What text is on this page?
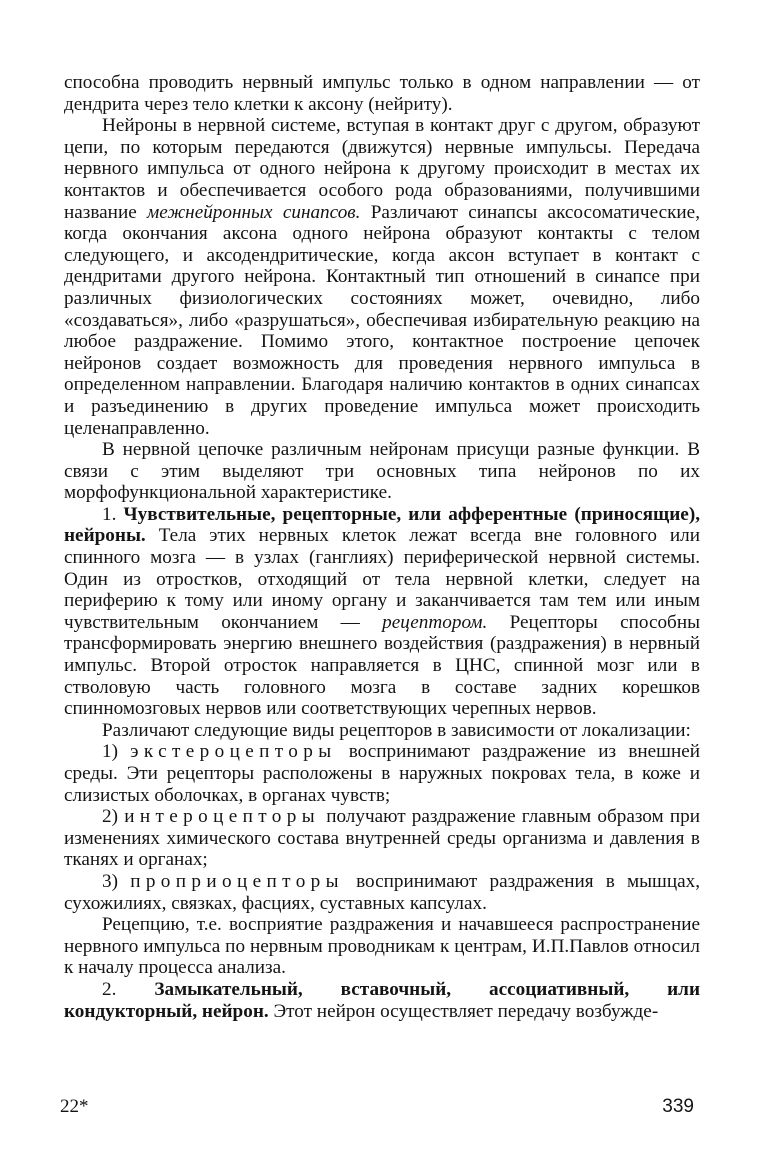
способна проводить нервный импульс только в одном направлении — от дендрита через тело клетки к аксону (нейриту).

Нейроны в нервной системе, вступая в контакт друг с другом, образуют цепи, по которым передаются (движутся) нервные импульсы. Передача нервного импульса от одного нейрона к другому происходит в местах их контактов и обеспечивается особого рода образованиями, получившими название межнейронных синапсов. Различают синапсы аксосоматические, когда окончания аксона одного нейрона образуют контакты с телом следующего, и аксодендритические, когда аксон вступает в контакт с дендритами другого нейрона. Контактный тип отношений в синапсе при различных физиологических состояниях может, очевидно, либо «создаваться», либо «разрушаться», обеспечивая избирательную реакцию на любое раздражение. Помимо этого, контактное построение цепочек нейронов создает возможность для проведения нервного импульса в определенном направлении. Благодаря наличию контактов в одних синапсах и разъединению в других проведение импульса может происходить целенаправленно.

В нервной цепочке различным нейронам присущи разные функции. В связи с этим выделяют три основных типа нейронов по их морфофункциональной характеристике.

1. Чувствительные, рецепторные, или афферентные (приносящие), нейроны. Тела этих нервных клеток лежат всегда вне головного или спинного мозга — в узлах (ганглиях) периферической нервной системы. Один из отростков, отходящий от тела нервной клетки, следует на периферию к тому или иному органу и заканчивается там тем или иным чувствительным окончанием — рецептором. Рецепторы способны трансформировать энергию внешнего воздействия (раздражения) в нервный импульс. Второй отросток направляется в ЦНС, спинной мозг или в стволовую часть головного мозга в составе задних корешков спинномозговых нервов или соответствующих черепных нервов.

Различают следующие виды рецепторов в зависимости от локализации:

1) экстероцепторы воспринимают раздражение из внешней среды. Эти рецепторы расположены в наружных покровах тела, в коже и слизистых оболочках, в органах чувств;

2) интероцепторы получают раздражение главным образом при изменениях химического состава внутренней среды организма и давления в тканях и органах;

3) проприоцепторы воспринимают раздражения в мышцах, сухожилиях, связках, фасциях, суставных капсулах.

Рецепцию, т.е. восприятие раздражения и начавшееся распространение нервного импульса по нервным проводникам к центрам, И.П.Павлов относил к началу процесса анализа.

2. Замыкательный, вставочный, ассоциативный, или кондукторный, нейрон. Этот нейрон осуществляет передачу возбужде-

22*	339
